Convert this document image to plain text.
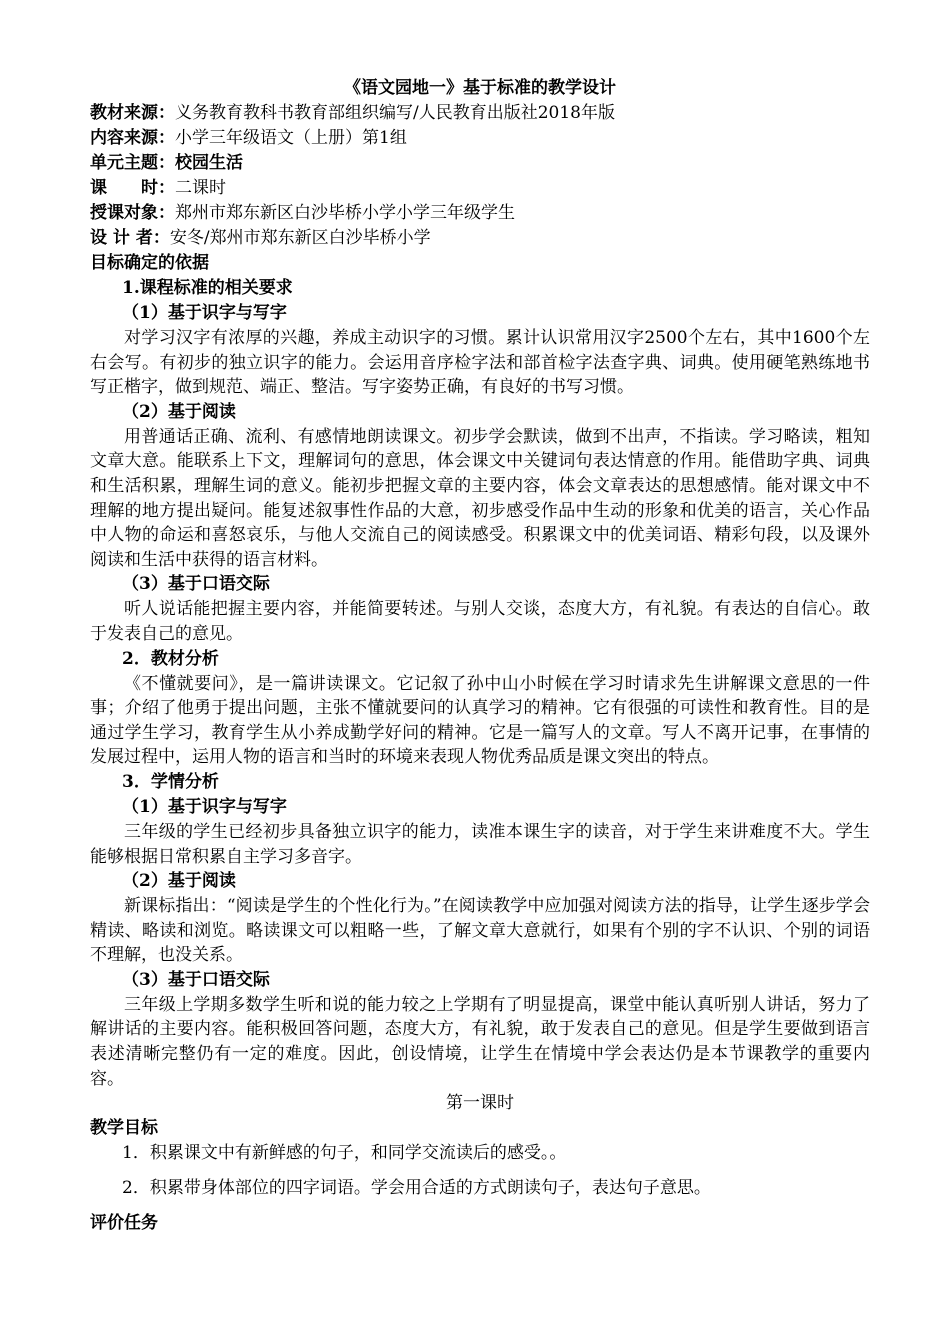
《语文园地一》基于标准的教学设计
教材来源：义务教育教科书教育部组织编写/人民教育出版社2018年版
内容来源：小学三年级语文（上册）第1组
单元主题：校园生活
课　　时：二课时
授课对象：郑州市郑东新区白沙毕桥小学小学三年级学生
设 计 者：安冬/郑州市郑东新区白沙毕桥小学
目标确定的依据
1.课程标准的相关要求
（1）基于识字与写字

对学习汉字有浓厚的兴趣，养成主动识字的习惯。累计认识常用汉字2500个左右，其中1600个左右会写。有初步的独立识字的能力。会运用音序检字法和部首检字法查字典、词典。使用硬笔熟练地书写正楷字，做到规范、端正、整洁。写字姿势正确，有良好的书写习惯。

（2）基于阅读

用普通话正确、流利、有感情地朗读课文。初步学会默读，做到不出声，不指读。学习略读，粗知文章大意。能联系上下文，理解词句的意思，体会课文中关键词句表达情意的作用。能借助字典、词典和生活积累，理解生词的意义。能初步把握文章的主要内容，体会文章表达的思想感情。能对课文中不理解的地方提出疑问。能复述叙事性作品的大意，初步感受作品中生动的形象和优美的语言，关心作品中人物的命运和喜怒哀乐，与他人交流自己的阅读感受。积累课文中的优美词语、精彩句段，以及课外阅读和生活中获得的语言材料。

（3）基于口语交际

听人说话能把握主要内容，并能简要转述。与别人交谈，态度大方，有礼貌。有表达的自信心。敢于发表自己的意见。

2．教材分析

《不懂就要问》，是一篇讲读课文。它记叙了孙中山小时候在学习时请求先生讲解课文意思的一件事；介绍了他勇于提出问题，主张不懂就要问的认真学习的精神。它有很强的可读性和教育性。目的是通过学生学习，教育学生从小养成勤学好问的精神。它是一篇写人的文章。写人不离开记事，在事情的发展过程中，运用人物的语言和当时的环境来表现人物优秀品质是课文突出的特点。

3．学情分析
（1）基于识字与写字

三年级的学生已经初步具备独立识字的能力，读准本课生字的读音，对于学生来讲难度不大。学生能够根据日常积累自主学习多音字。

（2）基于阅读

新课标指出：“阅读是学生的个性化行为。”在阅读教学中应加强对阅读方法的指导，让学生逐步学会精读、略读和浏览。略读课文可以粗略一些，了解文章大意就行，如果有个别的字不认识、个别的词语不理解，也没关系。

（3）基于口语交际

三年级上学期多数学生听和说的能力较之上学期有了明显提高，课堂中能认真听别人讲话，努力了解讲话的主要内容。能积极回答问题，态度大方，有礼貌，敢于发表自己的意见。但是学生要做到语言表述清晰完整仍有一定的难度。因此，创设情境，让学生在情境中学会表达仍是本节课教学的重要内容。

第一课时
教学目标
1．积累课文中有新鲜感的句子，和同学交流读后的感受。。
2．积累带身体部位的四字词语。学会用合适的方式朗读句子，表达句子意思。
评价任务
